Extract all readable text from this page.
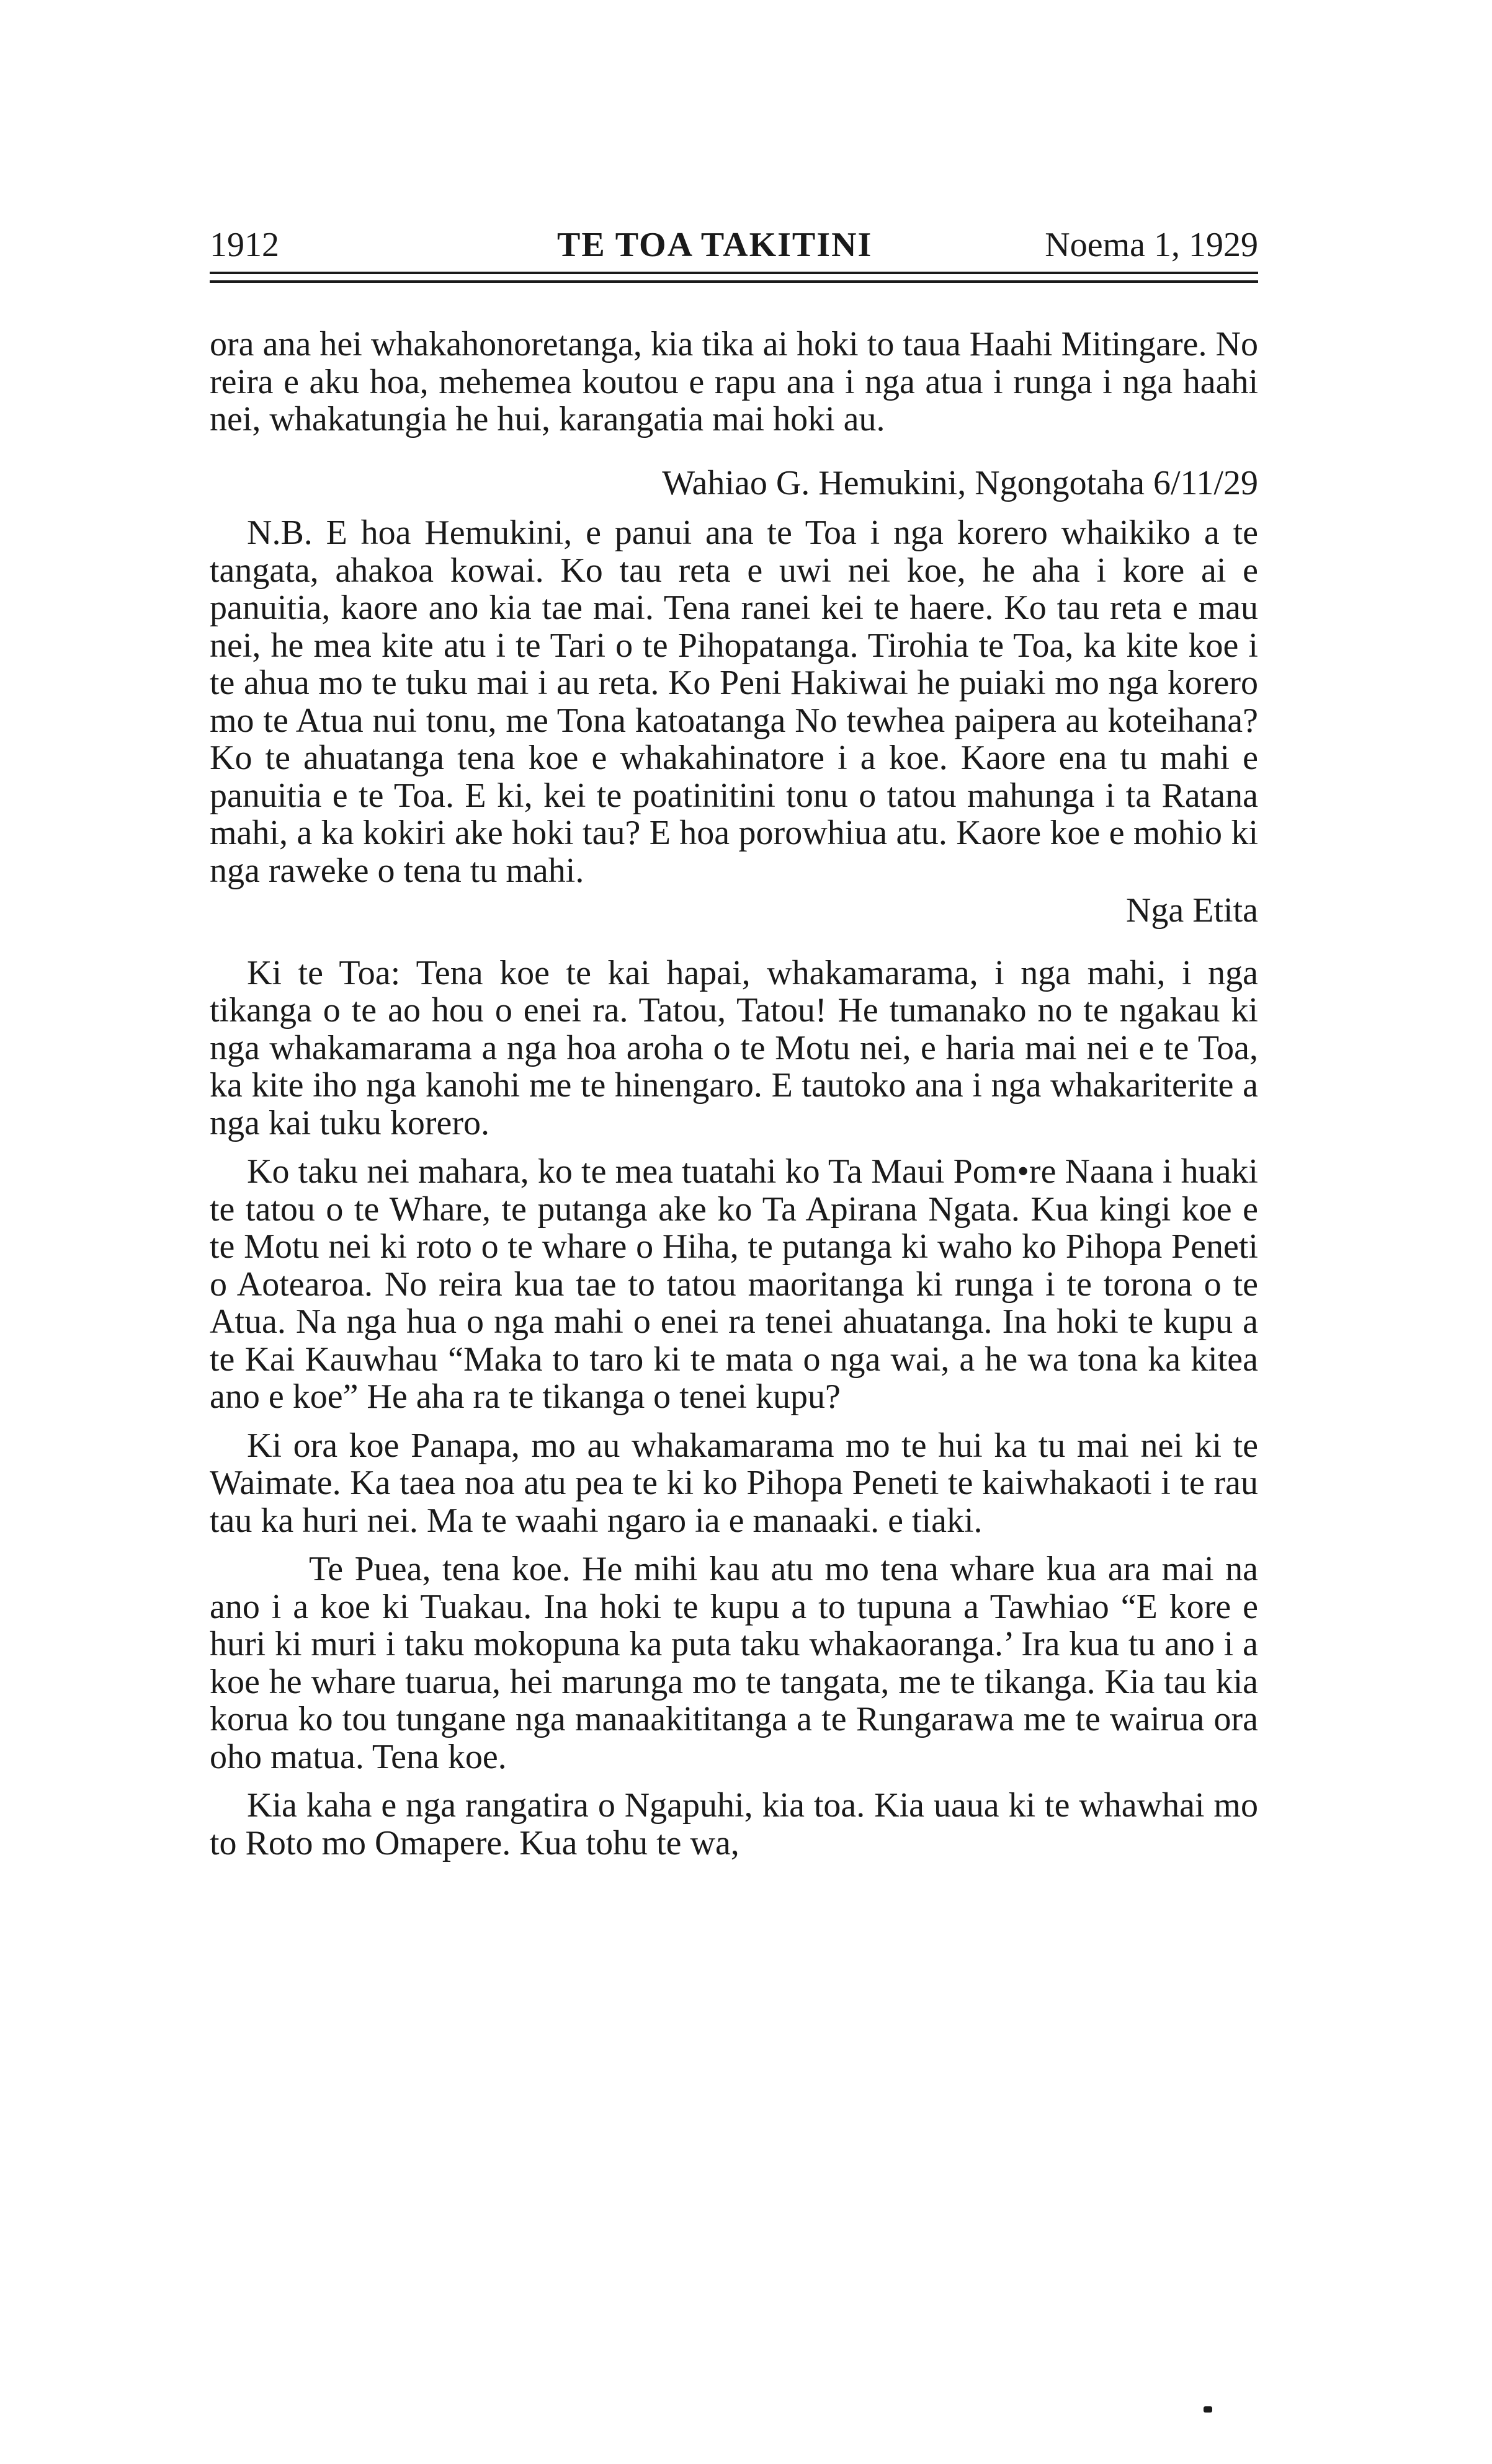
1912	TE TOA TAKITINI	Noema 1, 1929

ora ana hei whakahonoretanga, kia tika ai hoki to taua Haahi Mitingare. No reira e aku hoa, mehemea koutou e rapu ana i nga atua i runga i nga haahi nei, whakatungia he hui, karangatia mai hoki au.

Wahiao G. Hemukini, Ngongotaha 6/11/29

N.B. E hoa Hemukini, e panui ana te Toa i nga korero whaikiko a te tangata, ahakoa kowai. Ko tau reta e uwi nei koe, he aha i kore ai e panuitia, kaore ano kia tae mai. Tena ranei kei te haere. Ko tau reta e mau nei, he mea kite atu i te Tari o te Pihopatanga. Tirohia te Toa, ka kite koe i te ahua mo te tuku mai i au reta. Ko Peni Hakiwai he puiaki mo nga korero mo te Atua nui tonu, me Tona katoatanga No tewhea paipera au koteihana? Ko te ahuatanga tena koe e whakahinatore i a koe. Kaore ena tu mahi e panuitia e te Toa. E ki, kei te poatinitini tonu o tatou mahunga i ta Ratana mahi, a ka kokiri ake hoki tau? E hoa porowhiua atu. Kaore koe e mohio ki nga raweke o tena tu mahi.

Nga Etita

Ki te Toa: Tena koe te kai hapai, whakamarama, i nga mahi, i nga tikanga o te ao hou o enei ra. Tatou, Tatou! He tumanako no te ngakau ki nga whakamarama a nga hoa aroha o te Motu nei, e haria mai nei e te Toa, ka kite iho nga kanohi me te hinengaro. E tautoko ana i nga whakariterite a nga kai tuku korero.

Ko taku nei mahara, ko te mea tuatahi ko Ta Maui Pom•re Naana i huaki te tatou o te Whare, te putanga ake ko Ta Apirana Ngata. Kua kingi koe e te Motu nei ki roto o te whare o Hiha, te putanga ki waho ko Pihopa Peneti o Aotearoa. No reira kua tae to tatou maoritanga ki runga i te torona o te Atua. Na nga hua o nga mahi o enei ra tenei ahuatanga. Ina hoki te kupu a te Kai Kauwhau “Maka to taro ki te mata o nga wai, a he wa tona ka kitea ano e koe” He aha ra te tikanga o tenei kupu?

Ki ora koe Panapa, mo au whakamarama mo te hui ka tu mai nei ki te Waimate. Ka taea noa atu pea te ki ko Pihopa Peneti te kaiwhakaoti i te rau tau ka huri nei. Ma te waahi ngaro ia e manaaki. e tiaki.

Te Puea, tena koe. He mihi kau atu mo tena whare kua ara mai na ano i a koe ki Tuakau. Ina hoki te kupu a to tupuna a Tawhiao “E kore e huri ki muri i taku mokopuna ka puta taku whakaoranga.’ Ira kua tu ano i a koe he whare tuarua, hei marunga mo te tangata, me te tikanga. Kia tau kia korua ko tou tungane nga manaakititanga a te Rungarawa me te wairua ora oho matua. Tena koe.

Kia kaha e nga rangatira o Ngapuhi, kia toa. Kia uaua ki te whawhai mo to Roto mo Omapere. Kua tohu te wa,
